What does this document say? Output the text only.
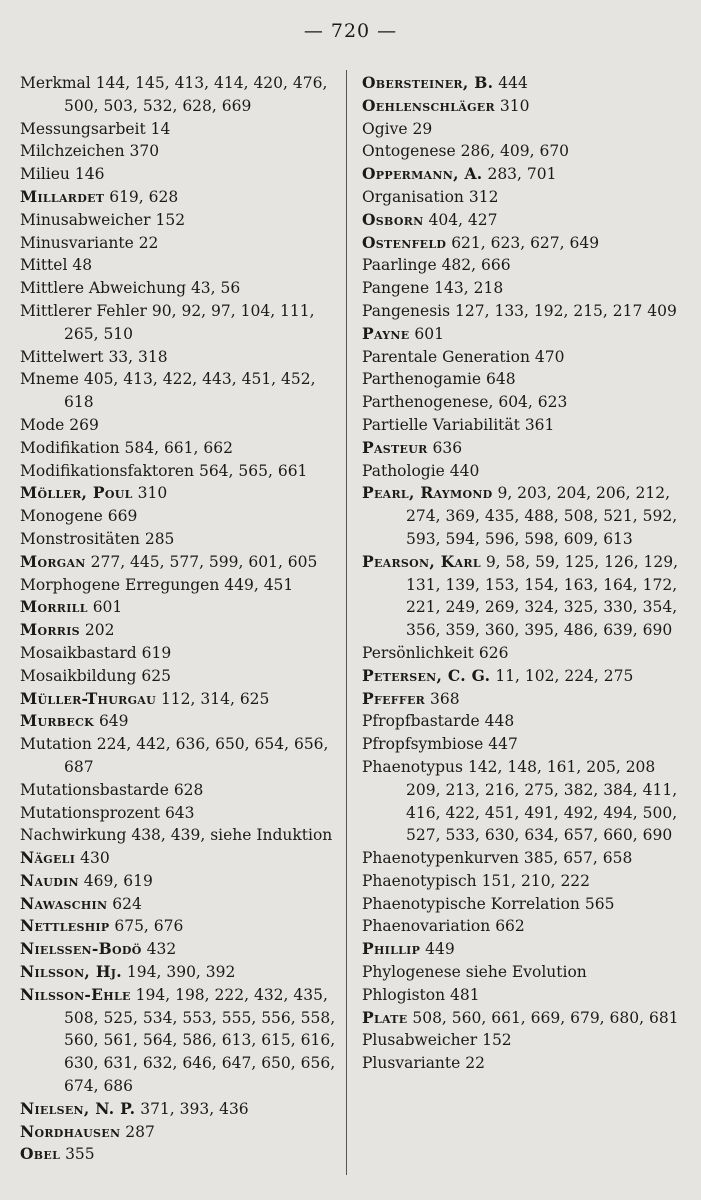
— 720 —
Merkmal 144, 145, 413, 414, 420, 476, 500, 503, 532, 628, 669
Messungsarbeit 14
Milchzeichen 370
Milieu 146
Millardet 619, 628
Minusabweicher 152
Minusvariante 22
Mittel 48
Mittlere Abweichung 43, 56
Mittlerer Fehler 90, 92, 97, 104, 111, 265, 510
Mittelwert 33, 318
Mneme 405, 413, 422, 443, 451, 452, 618
Mode 269
Modifikation 584, 661, 662
Modifikationsfaktoren 564, 565, 661
Möller, Poul 310
Monogene 669
Monstrositäten 285
Morgan 277, 445, 577, 599, 601, 605
Morphogene Erregungen 449, 451
Morrill 601
Morris 202
Mosaikbastard 619
Mosaikbildung 625
Müller-Thurgau 112, 314, 625
Murbeck 649
Mutation 224, 442, 636, 650, 654, 656, 687
Mutationsbastarde 628
Mutationsprozent 643
Nachwirkung 438, 439, siehe Induktion
Nägeli 430
Naudin 469, 619
Nawaschin 624
Nettleship 675, 676
Nielssen-Bodö 432
Nilsson, Hj. 194, 390, 392
Nilsson-Ehle 194, 198, 222, 432, 435, 508, 525, 534, 553, 555, 556, 558, 560, 561, 564, 586, 613, 615, 616, 630, 631, 632, 646, 647, 650, 656, 674, 686
Nielsen, N. P. 371, 393, 436
Nordhausen 287
Obel 355
Obersteiner, B. 444
Oehlenschläger 310
Ogive 29
Ontogenese 286, 409, 670
Oppermann, A. 283, 701
Organisation 312
Osborn 404, 427
Ostenfeld 621, 623, 627, 649
Paarlinge 482, 666
Pangene 143, 218
Pangenesis 127, 133, 192, 215, 217 409
Payne 601
Parentale Generation 470
Parthenogamie 648
Parthenogenese, 604, 623
Partielle Variabilität 361
Pasteur 636
Pathologie 440
Pearl, Raymond 9, 203, 204, 206, 212, 274, 369, 435, 488, 508, 521, 592, 593, 594, 596, 598, 609, 613
Pearson, Karl 9, 58, 59, 125, 126, 129, 131, 139, 153, 154, 163, 164, 172, 221, 249, 269, 324, 325, 330, 354, 356, 359, 360, 395, 486, 639, 690
Persönlichkeit 626
Petersen, C. G. 11, 102, 224, 275
Pfeffer 368
Pfropfbastarde 448
Pfropfsymbiose 447
Phaenotypus 142, 148, 161, 205, 208 209, 213, 216, 275, 382, 384, 411, 416, 422, 451, 491, 492, 494, 500, 527, 533, 630, 634, 657, 660, 690
Phaenotypenkurven 385, 657, 658
Phaenotypisch 151, 210, 222
Phaenotypische Korrelation 565
Phaenovariation 662
Phillip 449
Phylogenese siehe Evolution
Phlogiston 481
Plate 508, 560, 661, 669, 679, 680, 681
Plusabweicher 152
Plusvariante 22
